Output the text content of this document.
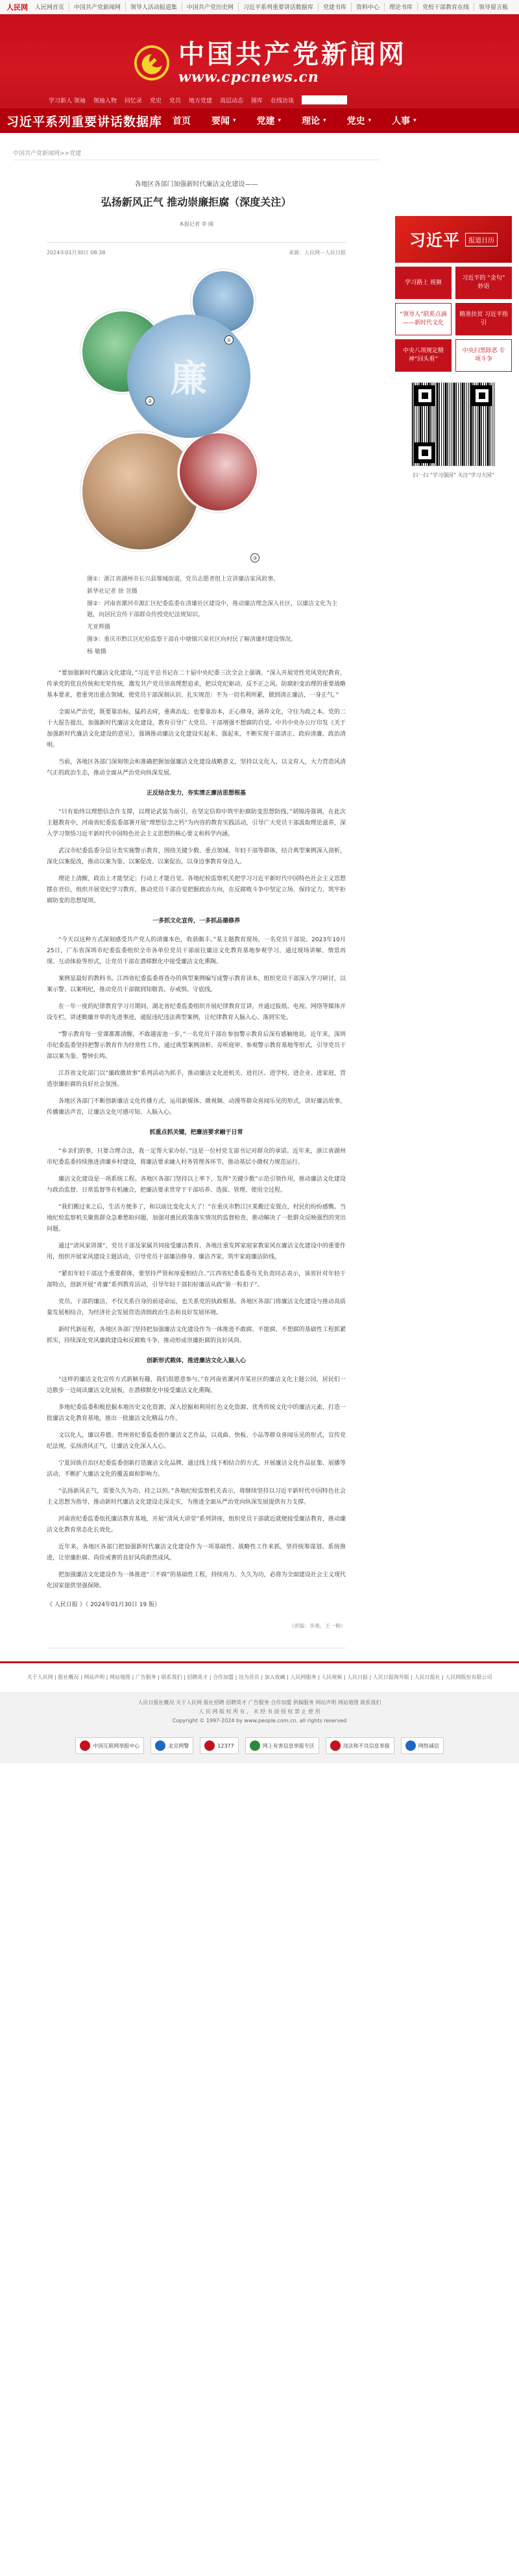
人民网	人民网首页	中国共产党新闻网	领导人活动报道集	中国共产党历史网	习近平系列重要讲话数据库	党建书库	资料中心	理论书库	党校干部教育在线	领导留言板
中国共产党新闻网
www.cpcnews.cn
学习新人 领袖 领袖人物 回忆录 党史 党员 地方党建 高层动态 图库 在线访谈
习近平系列重要讲话数据库 首页 要闻 ▾ 党建 ▾ 理论 ▾ 党史 ▾ 人事 ▾
中国共产党新闻网>>党建
各地区各部门加强新时代廉洁文化建设——
弘扬新风正气 推动崇廉拒腐（深度关注）
本报记者 李 刚
2024年01月30日 08:38	来源：人民网－人民日报
廉
①
②
③

图①：浙江省湖州市长兴县雉城街道，党员志愿者组上宣讲廉洁家风故事。

新华社记者 徐 昱摄

图②：河南省漯河市源汇区纪委监委在清廉社区建设中，推动廉洁理念深入社区，以廉洁文化为主题，向居民宣传干部群众传授党纪法规知识。

尤亚辉摄

图③：重庆市黔江区纪检监察干部在中塘镇兴泉社区向村民了解清廉村建设情况。

杨 敏摄

“要加强新时代廉洁文化建设，”习近平总书记在二十届中央纪委三次全会上强调。“深入开展党性党风党纪教育，传承党的优良传统和光荣传统，激发共产党员崇高理想追求，把以党纪驱动、反不正之风、防腐拒变治理的重要战略基本要求，着重突出重点领域，使党员干部深刻认识、扎实规范：不为一切名利所累，做到清正廉洁，一身正气。”

全面从严治党，既要靠治标，猛药去疴，重典治乱；也要靠治本，正心修身，涵养文化，守住为政之本。党的二十大报告提出，加强新时代廉洁文化建设，教育引导广大党员、干部增强不想腐的自觉。中共中央办公厅印发《关于加强新时代廉洁文化建设的意见》，强调推动廉洁文化建设实起来、强起来，不断实现干部清正、政府清廉、政治清明。

当前，各地区各部门深刻领会和准确把握加强廉洁文化建设战略意义，坚持以文化人、以文育人，大力营造风清气正的政治生态，推动全面从严治党向纵深发展。

正反结合发力，夯实清正廉洁思想根基

“只有始终以理想信念作支撑，以理论武装为前引，在坚定信仰中筑牢拒腐防变思想防线。”胡锦涛强调，在此次主题教育中，河南省纪委监委部署开展“理想信念之钙”为内容的教育实践活动，引导广大党员干部汲取理论滋养，深入学习领悟习近平新时代中国特色社会主义思想的核心要义和科学内涵。

武汉市纪委监委分层分类实施警示教育，围绕关键少数、重点领域、年轻干部等群体，结合典型案例深入剖析，深化以案促改，推动以案为鉴、以案促改、以案促治，以身边事教育身边人。

理论上清醒，政治上才能坚定；行动上才能自觉。各地纪检监察机关把学习习近平新时代中国特色社会主义思想摆在首位，组织开展党纪学习教育，推动党员干部自觉把握政治方向，在反腐败斗争中坚定立场、保持定力，筑牢拒腐防变的思想堤坝。

一多抓文化宣传，一多抓品德修养

“今天以这种方式深刻感受共产党人的清廉本色，收获颇丰。”某主题教育现场，一名党员干部说。2023年10月25日，广东省深圳市纪委监委组织全市各单位党员干部前往廉洁文化教育基地参观学习，通过现场讲解、情景再现、互动体验等形式，让党员干部在潜移默化中接受廉洁文化熏陶。

案例显最好的教科书。江西省纪委监委将查办的典型案例编写成警示教育读本，组织党员干部深入学习研讨，以案示警、以案明纪，推动党员干部做到知敬畏、存戒惧、守底线。

在一年一度的纪律教育学习月期间，湖北省纪委监委组织开展纪律教育宣讲，并通过报纸、电视、网络等媒体开设专栏，讲述勤廉并举的先进事迹，通报违纪违法典型案例，让纪律教育入脑入心、落到实处。

“警示教育每一堂课都都清醒，不敢越雷池一步。”一名党员干部在参加警示教育后深有感触地说。近年来，深圳市纪委监委坚持把警示教育作为经常性工作，通过典型案例剖析、旁听庭审、参观警示教育基地等形式，引导党员干部以案为鉴、警钟长鸣。

江苏省文化部门以“廉政微故事”系列活动为抓手，推动廉洁文化进机关、进社区、进学校、进企业、进家庭，营造崇廉拒腐的良好社会氛围。

各地区各部门不断创新廉洁文化传播方式，运用新媒体、微视频、动漫等群众喜闻乐见的形式，讲好廉洁故事，传播廉洁声音，让廉洁文化可感可知、入脑入心。

抓重点抓关键，把廉洁要求融于日常

“乡亲们的事，只要合理合法，我一定帮大家办好。”这是一位村党支部书记对群众的承诺。近年来，浙江省湖州市纪委监委持续推进清廉乡村建设，将廉洁要求融入村务管理各环节，推动基层小微权力规范运行。

廉洁文化建设是一项系统工程。各地区各部门坚持以上率下，发挥“关键少数”示范引领作用，推动廉洁文化建设与政治监督、日常监督等有机融合，把廉洁要求贯穿于干部培养、选拔、管理、使用全过程。

“我们搬过来之后，生活方便多了，和以前比变化太大了！”在重庆市黔江区某搬迁安置点，村民们纷纷感慨。当地纪检监察机关聚焦群众急难愁盼问题，加强对惠民政策落实情况的监督检查，推动解决了一批群众反映强烈的突出问题。

通过“清风家训课”，党员干部及家属共同接受廉洁教育。各地注重发挥家庭家教家风在廉洁文化建设中的重要作用，组织开展家风建设主题活动，引导党员干部廉洁修身、廉洁齐家，筑牢家庭廉洁防线。

“紧扣年轻干部这个重要群体，要坚持严管和厚爱相结合。”江西省纪委监委有关负责同志表示，该省针对年轻干部特点，创新开展“青廉”系列教育活动，引导年轻干部扣好廉洁从政“第一粒扣子”。

党员、干部的廉洁，不仅关系自身的前途命运，也关系党的执政根基。各地区各部门将廉洁文化建设与推动高质量发展相结合，为经济社会发展营造清朗政治生态和良好发展环境。

新时代新征程，各地区各部门坚持把加强廉洁文化建设作为一体推进不敢腐、不能腐、不想腐的基础性工程抓紧抓实，持续深化党风廉政建设和反腐败斗争，推动形成崇廉拒腐的良好风尚。

创新形式载体，推进廉洁文化入脑入心

“这样的廉洁文化宣传方式新颖有趣，我们很愿意参与。”在河南省漯河市某社区的廉洁文化主题公园，居民们一边散步一边阅读廉洁文化展板，在潜移默化中接受廉洁文化熏陶。

多地纪委监委积极挖掘本地历史文化资源，深入挖掘和利用红色文化资源、优秀传统文化中的廉洁元素，打造一批廉洁文化教育基地，推出一批廉洁文化精品力作。

文以化人，廉以养德。贵州省纪委监委创作廉洁文艺作品，以戏曲、快板、小品等群众喜闻乐见的形式，宣传党纪法规，弘扬清风正气，让廉洁文化深入人心。

宁夏回族自治区纪委监委创新打造廉洁文化品牌，通过线上线下相结合的方式，开展廉洁文化作品征集、展播等活动，不断扩大廉洁文化的覆盖面和影响力。

“弘扬新风正气，需要久久为功、持之以恒。”各地纪检监察机关表示，将继续坚持以习近平新时代中国特色社会主义思想为指导，推动新时代廉洁文化建设走深走实，为推进全面从严治党向纵深发展提供有力支撑。

河南省纪委监委依托廉洁教育基地，开展“清风大讲堂”系列讲座，组织党员干部就近就便接受廉洁教育，推动廉洁文化教育常态化长效化。

近年来，各地区各部门把加强新时代廉洁文化建设作为一项基础性、战略性工作来抓，坚持统筹谋划、系统推进，让崇廉拒腐、尚俭戒奢的良好风尚蔚然成风。

把加强廉洁文化建设作为一体推进“三不腐”的基础性工程，持续用力、久久为功，必将为全面建设社会主义现代化国家提供坚强保障。

《 人民日报 》（ 2024年01月30日 19 版）
（责编：李燕、王一桐）
习近平	报道日历
学习路上 视频
习近平的 “金句” 妙语
“领导人”联系点滴——新时代文化
精准扶贫 习近平指引
中央八项规定精神“回头看”
中央扫黑除恶 专项斗争
扫一扫 “学习强国” 关注“学习大国”
关于人民网 | 报社概况 | 网站声明 | 网站地图 | 广告服务 | 联系我们 | 招聘英才 | 合作加盟 | 设为首页 | 加入收藏 | 人民网服务 | 人民视频 | 人民日报 | 人民日报海外版 | 人民日报社 | 人民网股份有限公司
人民日报社概况 关于人民网 报社招聘 招聘英才 广告服务 合作加盟 供稿服务 网站声明 网站地图 联系我们
人 民 网 版 权 所 有 ， 未 经 书 面 授 权 禁 止 使 用
Copyright © 1997-2024 by www.people.com.cn. all rights reserved
中国互联网举报中心	北京网警	12377	网上有害信息举报专区	违法和不良信息举报	网络诚信
